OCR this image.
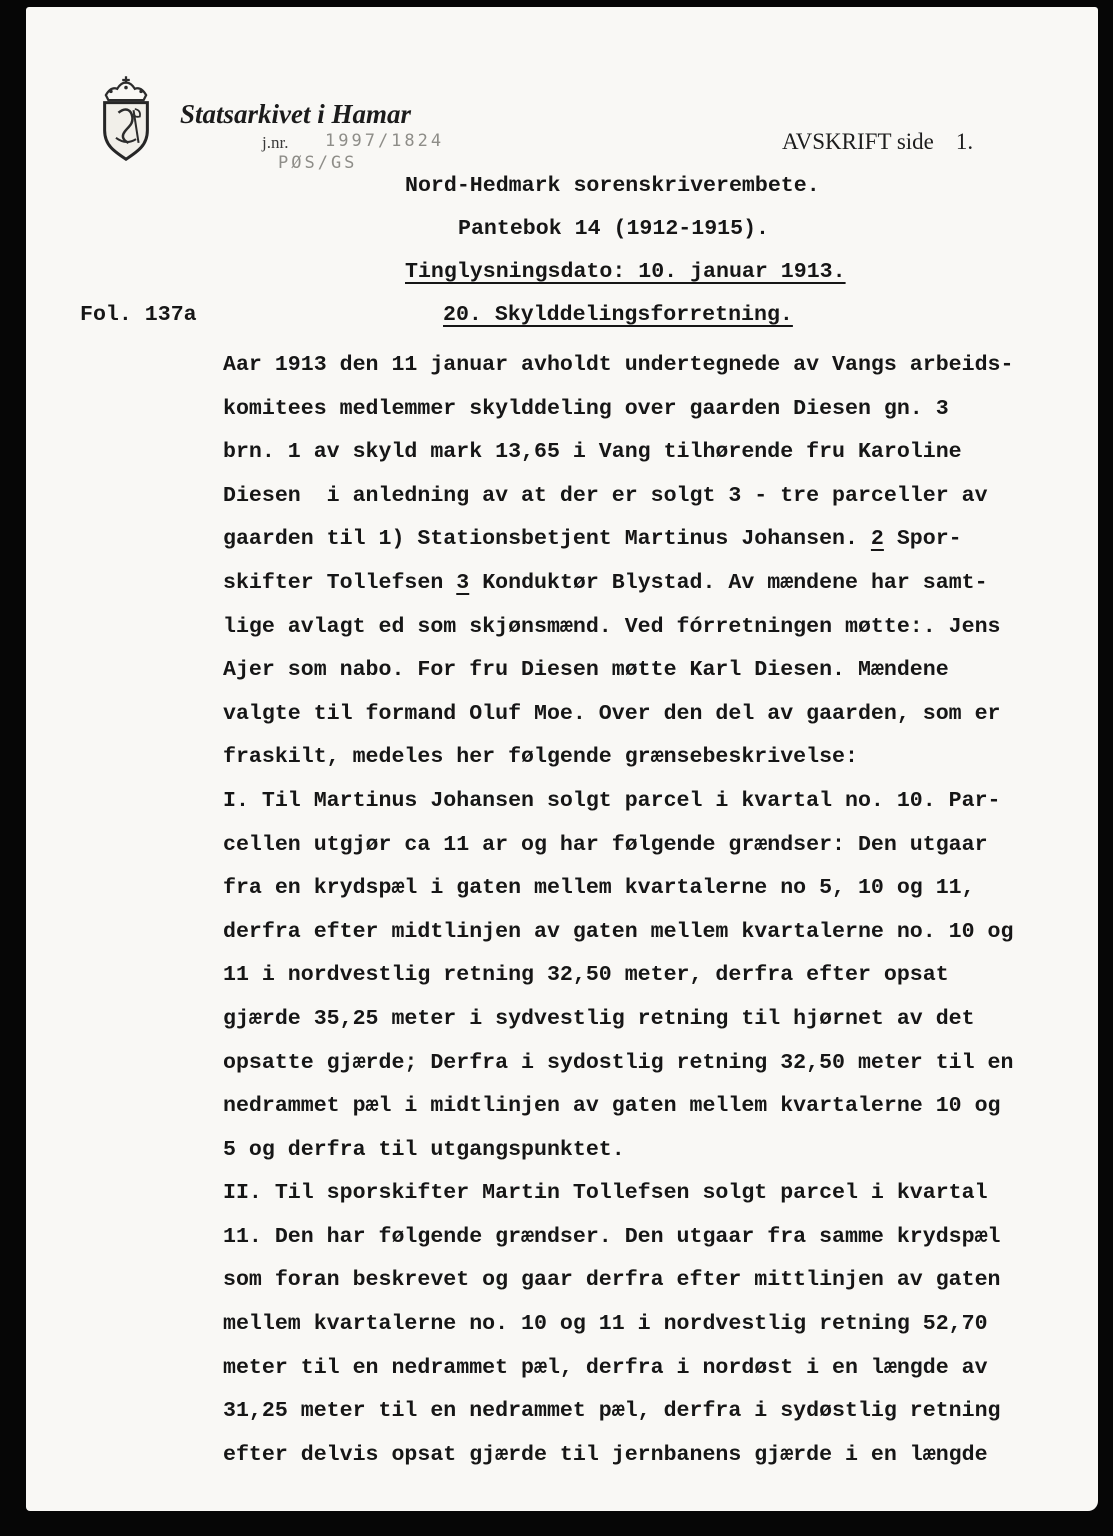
Statsarkivet i Hamar
j.nr. 1997/1824
PØS/GS
AVSKRIFT side 1.
Nord-Hedmark sorenskriverembete.
Pantebok 14 (1912-1915).
Tinglysningsdato: 10. januar 1913.
Fol. 137a	20. Skylddelingsforretning.
Aar 1913 den 11 januar avholdt undertegnede av Vangs arbeids-
komitees medlemmer skylddeling over gaarden Diesen gn. 3
brn. 1 av skyld mark 13,65 i Vang tilhørende fru Karoline
Diesen  i anledning av at der er solgt 3 - tre parceller av
gaarden til 1) Stationsbetjent Martinus Johansen. 2 Spor-
skifter Tollefsen 3 Konduktør Blystad. Av mændene har samt-
lige avlagt ed som skjønsmænd. Ved fórretningen møtte:. Jens
Ajer som nabo. For fru Diesen møtte Karl Diesen. Mændene
valgte til formand Oluf Moe. Over den del av gaarden, som er
fraskilt, medeles her følgende grænsebeskrivelse:
I. Til Martinus Johansen solgt parcel i kvartal no. 10. Par-
cellen utgjør ca 11 ar og har følgende grændser: Den utgaar
fra en krydspæl i gaten mellem kvartalerne no 5, 10 og 11,
derfra efter midtlinjen av gaten mellem kvartalerne no. 10 og
11 i nordvestlig retning 32,50 meter, derfra efter opsat
gjærde 35,25 meter i sydvestlig retning til hjørnet av det
opsatte gjærde; Derfra i sydostlig retning 32,50 meter til en
nedrammet pæl i midtlinjen av gaten mellem kvartalerne 10 og
5 og derfra til utgangspunktet.
II. Til sporskifter Martin Tollefsen solgt parcel i kvartal
11. Den har følgende grændser. Den utgaar fra samme krydspæl
som foran beskrevet og gaar derfra efter mittlinjen av gaten
mellem kvartalerne no. 10 og 11 i nordvestlig retning 52,70
meter til en nedrammet pæl, derfra i nordøst i en længde av
31,25 meter til en nedrammet pæl, derfra i sydøstlig retning
efter delvis opsat gjærde til jernbanens gjærde i en længde
